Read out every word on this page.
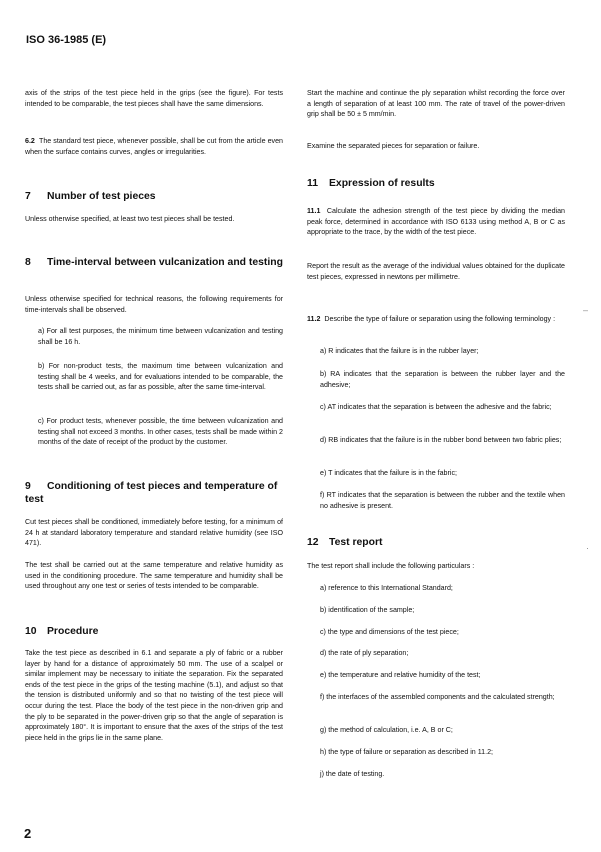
ISO 36-1985 (E)

axis of the strips of the test piece held in the grips (see the figure). For tests intended to be comparable, the test pieces shall have the same dimensions.

6.2 The standard test piece, whenever possible, shall be cut from the article even when the surface contains curves, angles or irregularities.

7 Number of test pieces

Unless otherwise specified, at least two test pieces shall be tested.

8 Time-interval between vulcanization and testing

Unless otherwise specified for technical reasons, the following requirements for time-intervals shall be observed.

a) For all test purposes, the minimum time between vulcanization and testing shall be 16 h.

b) For non-product tests, the maximum time between vulcanization and testing shall be 4 weeks, and for evaluations intended to be comparable, the tests shall be carried out, as far as possible, after the same time-interval.

c) For product tests, whenever possible, the time between vulcanization and testing shall not exceed 3 months. In other cases, tests shall be made within 2 months of the date of receipt of the product by the customer.

9 Conditioning of test pieces and temperature of test

Cut test pieces shall be conditioned, immediately before testing, for a minimum of 24 h at standard laboratory temperature and standard relative humidity (see ISO 471).

The test shall be carried out at the same temperature and relative humidity as used in the conditioning procedure. The same temperature and humidity shall be used throughout any one test or series of tests intended to be comparable.

10 Procedure

Take the test piece as described in 6.1 and separate a ply of fabric or a rubber layer by hand for a distance of approximately 50 mm. The use of a scalpel or similar implement may be necessary to initiate the separation. Fix the separated ends of the test piece in the grips of the testing machine (5.1), and adjust so that the tension is distributed uniformly and so that no twisting of the test piece will occur during the test. Place the body of the test piece in the non-driven grip and the ply to be separated in the power-driven grip so that the angle of separation is approximately 180°. It is important to ensure that the axes of the strips of the test piece held in the grips lie in the same plane.

Start the machine and continue the ply separation whilst recording the force over a length of separation of at least 100 mm. The rate of travel of the power-driven grip shall be 50 ± 5 mm/min.

Examine the separated pieces for separation or failure.

11 Expression of results

11.1 Calculate the adhesion strength of the test piece by dividing the median peak force, determined in accordance with ISO 6133 using method A, B or C as appropriate to the trace, by the width of the test piece.

Report the result as the average of the individual values obtained for the duplicate test pieces, expressed in newtons per millimetre.

11.2 Describe the type of failure or separation using the following terminology :

a) R indicates that the failure is in the rubber layer;

b) RA indicates that the separation is between the rubber layer and the adhesive;

c) AT indicates that the separation is between the adhesive and the fabric;

d) RB indicates that the failure is in the rubber bond between two fabric plies;

e) T indicates that the failure is in the fabric;

f) RT indicates that the separation is between the rubber and the textile when no adhesive is present.

12 Test report

The test report shall include the following particulars :

a) reference to this International Standard;

b) identification of the sample;

c) the type and dimensions of the test piece;

d) the rate of ply separation;

e) the temperature and relative humidity of the test;

f) the interfaces of the assembled components and the calculated strength;

g) the method of calculation, i.e. A, B or C;

h) the type of failure or separation as described in 11.2;

j) the date of testing.

–
·
2
